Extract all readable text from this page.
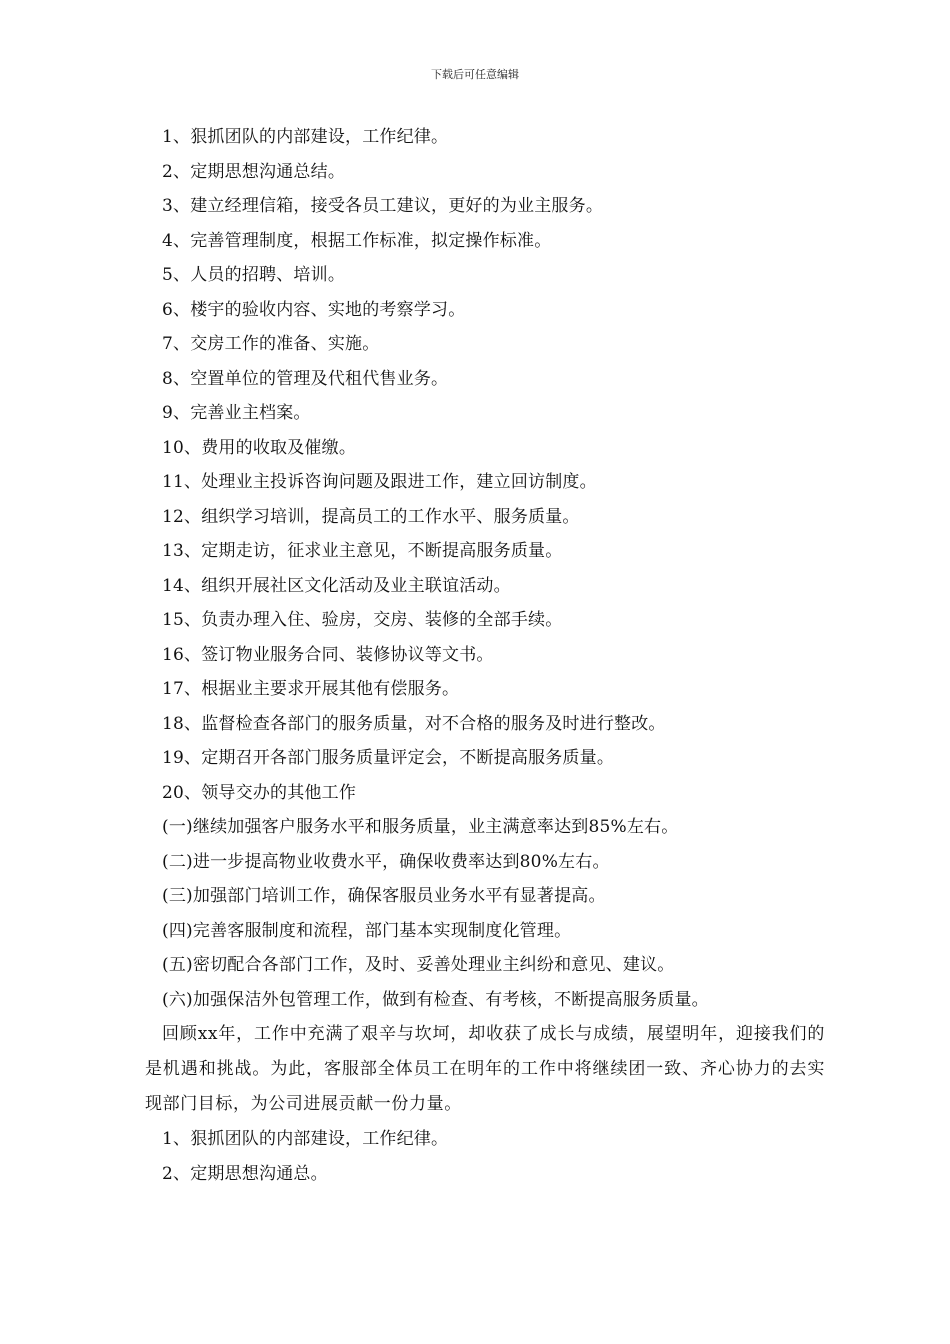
下载后可任意编辑
1、狠抓团队的内部建设，工作纪律。
2、定期思想沟通总结。
3、建立经理信箱，接受各员工建议，更好的为业主服务。
4、完善管理制度，根据工作标准，拟定操作标准。
5、人员的招聘、培训。
6、楼宇的验收内容、实地的考察学习。
7、交房工作的准备、实施。
8、空置单位的管理及代租代售业务。
9、完善业主档案。
10、费用的收取及催缴。
11、处理业主投诉咨询问题及跟进工作，建立回访制度。
12、组织学习培训，提高员工的工作水平、服务质量。
13、定期走访，征求业主意见，不断提高服务质量。
14、组织开展社区文化活动及业主联谊活动。
15、负责办理入住、验房，交房、装修的全部手续。
16、签订物业服务合同、装修协议等文书。
17、根据业主要求开展其他有偿服务。
18、监督检查各部门的服务质量，对不合格的服务及时进行整改。
19、定期召开各部门服务质量评定会，不断提高服务质量。
20、领导交办的其他工作
(一)继续加强客户服务水平和服务质量，业主满意率达到85%左右。
(二)进一步提高物业收费水平，确保收费率达到80%左右。
(三)加强部门培训工作，确保客服员业务水平有显著提高。
(四)完善客服制度和流程，部门基本实现制度化管理。
(五)密切配合各部门工作，及时、妥善处理业主纠纷和意见、建议。
(六)加强保洁外包管理工作，做到有检查、有考核，不断提高服务质量。

回顾xx年，工作中充满了艰辛与坎坷，却收获了成长与成绩，展望明年，迎接我们的是机遇和挑战。为此，客服部全体员工在明年的工作中将继续团一致、齐心协力的去实现部门目标，为公司进展贡献一份力量。

1、狠抓团队的内部建设，工作纪律。
2、定期思想沟通总。
